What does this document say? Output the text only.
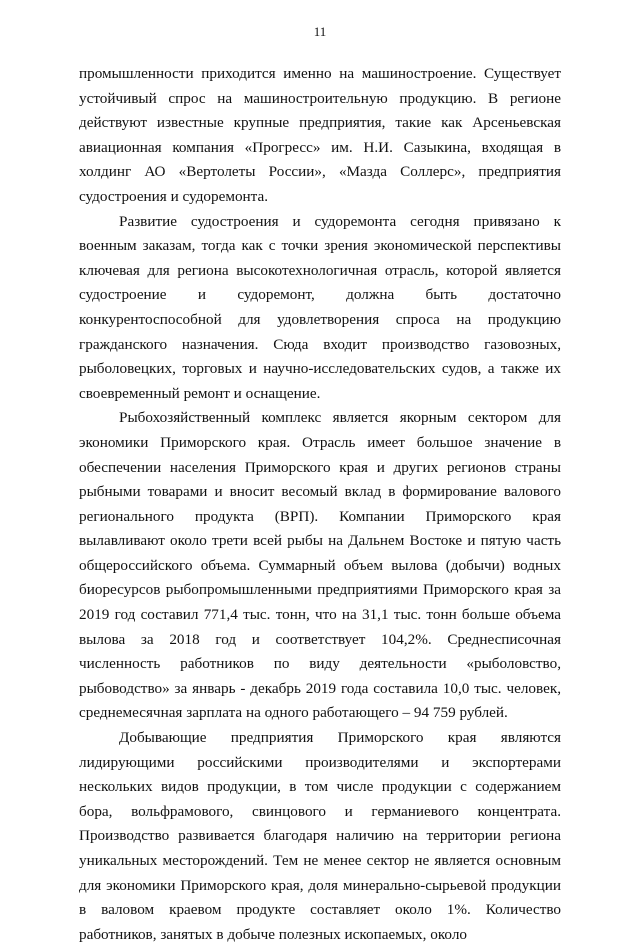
11

промышленности приходится именно на машиностроение. Существует устойчивый спрос на машиностроительную продукцию. В регионе действуют известные крупные предприятия, такие как Арсеньевская авиационная компания «Прогресс» им. Н.И. Сазыкина, входящая в холдинг АО «Вертолеты России», «Мазда Соллерс», предприятия судостроения и судоремонта.

Развитие судостроения и судоремонта сегодня привязано к военным заказам, тогда как с точки зрения экономической перспективы ключевая для региона высокотехнологичная отрасль, которой является судостроение и судоремонт, должна быть достаточно конкурентоспособной для удовлетворения спроса на продукцию гражданского назначения. Сюда входит производство газовозных, рыболовецких, торговых и научно-исследовательских судов, а также их своевременный ремонт и оснащение.

Рыбохозяйственный комплекс является якорным сектором для экономики Приморского края. Отрасль имеет большое значение в обеспечении населения Приморского края и других регионов страны рыбными товарами и вносит весомый вклад в формирование валового регионального продукта (ВРП). Компании Приморского края вылавливают около трети всей рыбы на Дальнем Востоке и пятую часть общероссийского объема. Суммарный объем вылова (добычи) водных биоресурсов рыбопромышленными предприятиями Приморского края за 2019 год составил 771,4 тыс. тонн, что на 31,1 тыс. тонн больше объема вылова за 2018 год и соответствует 104,2%. Среднесписочная численность работников по виду деятельности «рыболовство, рыбоводство» за январь - декабрь 2019 года составила 10,0 тыс. человек, среднемесячная зарплата на одного работающего – 94 759 рублей.

Добывающие предприятия Приморского края являются лидирующими российскими производителями и экспортерами нескольких видов продукции, в том числе продукции с содержанием бора, вольфрамового, свинцового и германиевого концентрата. Производство развивается благодаря наличию на территории региона уникальных месторождений. Тем не менее сектор не является основным для экономики Приморского края, доля минерально-сырьевой продукции в валовом краевом продукте составляет около 1%. Количество работников, занятых в добыче полезных ископаемых, около
